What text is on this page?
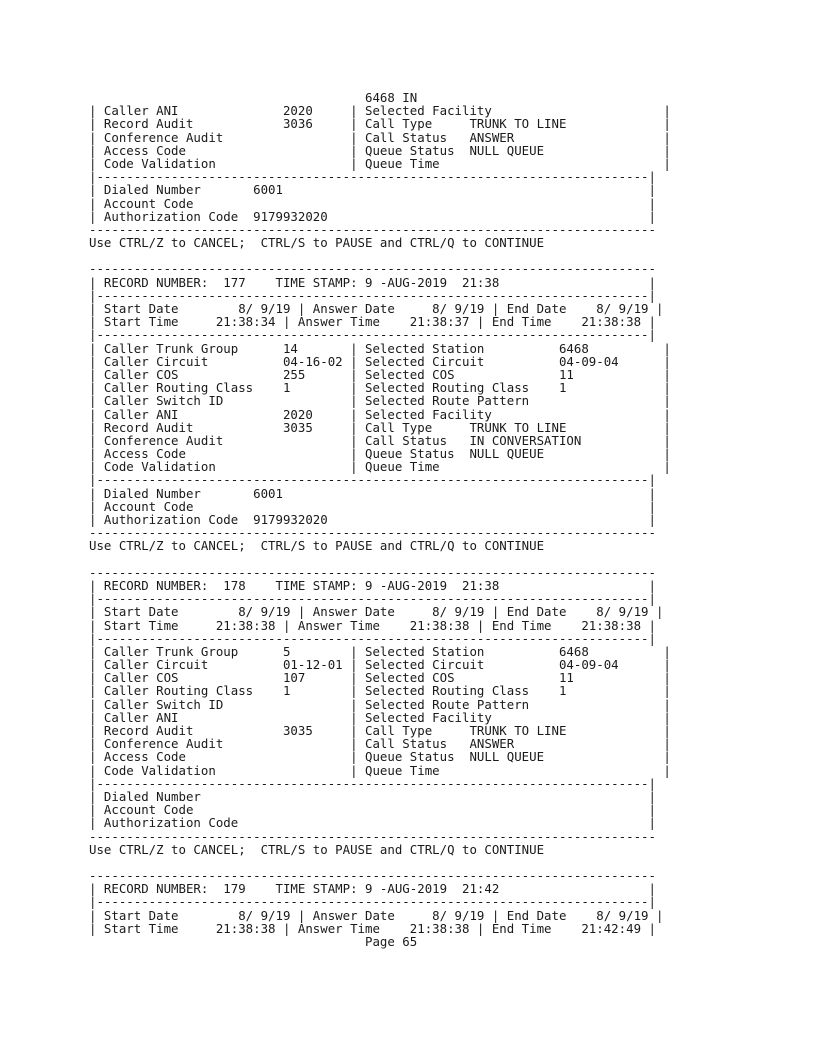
6468 IN
| Caller ANI              2020     | Selected Facility                       |
| Record Audit            3036     | Call Type     TRUNK TO LINE             |
| Conference Audit                 | Call Status   ANSWER                    |
| Access Code                      | Queue Status  NULL QUEUE                |
| Code Validation                  | Queue Time                              |
|--------------------------------------------------------------------------|
| Dialed Number       6001                                                 |
| Account Code                                                             |
| Authorization Code  9179932020                                           |
----------------------------------------------------------------------------
Use CTRL/Z to CANCEL;  CTRL/S to PAUSE and CTRL/Q to CONTINUE
----------------------------------------------------------------------------
| RECORD NUMBER:  177    TIME STAMP: 9 -AUG-2019  21:38                    |
|--------------------------------------------------------------------------|
| Start Date        8/ 9/19 | Answer Date     8/ 9/19 | End Date    8/ 9/19 |
| Start Time     21:38:34 | Answer Time    21:38:37 | End Time    21:38:38 |
|--------------------------------------------------------------------------|
| Caller Trunk Group      14       | Selected Station          6468          |
| Caller Circuit          04-16-02 | Selected Circuit          04-09-04      |
| Caller COS              255      | Selected COS              11            |
| Caller Routing Class    1        | Selected Routing Class    1             |
| Caller Switch ID                 | Selected Route Pattern                  |
| Caller ANI              2020     | Selected Facility                       |
| Record Audit            3035     | Call Type     TRUNK TO LINE             |
| Conference Audit                 | Call Status   IN CONVERSATION           |
| Access Code                      | Queue Status  NULL QUEUE                |
| Code Validation                  | Queue Time                              |
|--------------------------------------------------------------------------|
| Dialed Number       6001                                                 |
| Account Code                                                             |
| Authorization Code  9179932020                                           |
----------------------------------------------------------------------------
Use CTRL/Z to CANCEL;  CTRL/S to PAUSE and CTRL/Q to CONTINUE
----------------------------------------------------------------------------
| RECORD NUMBER:  178    TIME STAMP: 9 -AUG-2019  21:38                    |
|--------------------------------------------------------------------------|
| Start Date        8/ 9/19 | Answer Date     8/ 9/19 | End Date    8/ 9/19 |
| Start Time     21:38:38 | Answer Time    21:38:38 | End Time    21:38:38 |
|--------------------------------------------------------------------------|
| Caller Trunk Group      5        | Selected Station          6468          |
| Caller Circuit          01-12-01 | Selected Circuit          04-09-04      |
| Caller COS              107      | Selected COS              11            |
| Caller Routing Class    1        | Selected Routing Class    1             |
| Caller Switch ID                 | Selected Route Pattern                  |
| Caller ANI                       | Selected Facility                       |
| Record Audit            3035     | Call Type     TRUNK TO LINE             |
| Conference Audit                 | Call Status   ANSWER                    |
| Access Code                      | Queue Status  NULL QUEUE                |
| Code Validation                  | Queue Time                              |
|--------------------------------------------------------------------------|
| Dialed Number                                                            |
| Account Code                                                             |
| Authorization Code                                                       |
----------------------------------------------------------------------------
Use CTRL/Z to CANCEL;  CTRL/S to PAUSE and CTRL/Q to CONTINUE
----------------------------------------------------------------------------
| RECORD NUMBER:  179    TIME STAMP: 9 -AUG-2019  21:42                    |
|--------------------------------------------------------------------------|
| Start Date        8/ 9/19 | Answer Date     8/ 9/19 | End Date    8/ 9/19 |
| Start Time     21:38:38 | Answer Time    21:38:38 | End Time    21:42:49 |
Page 65
